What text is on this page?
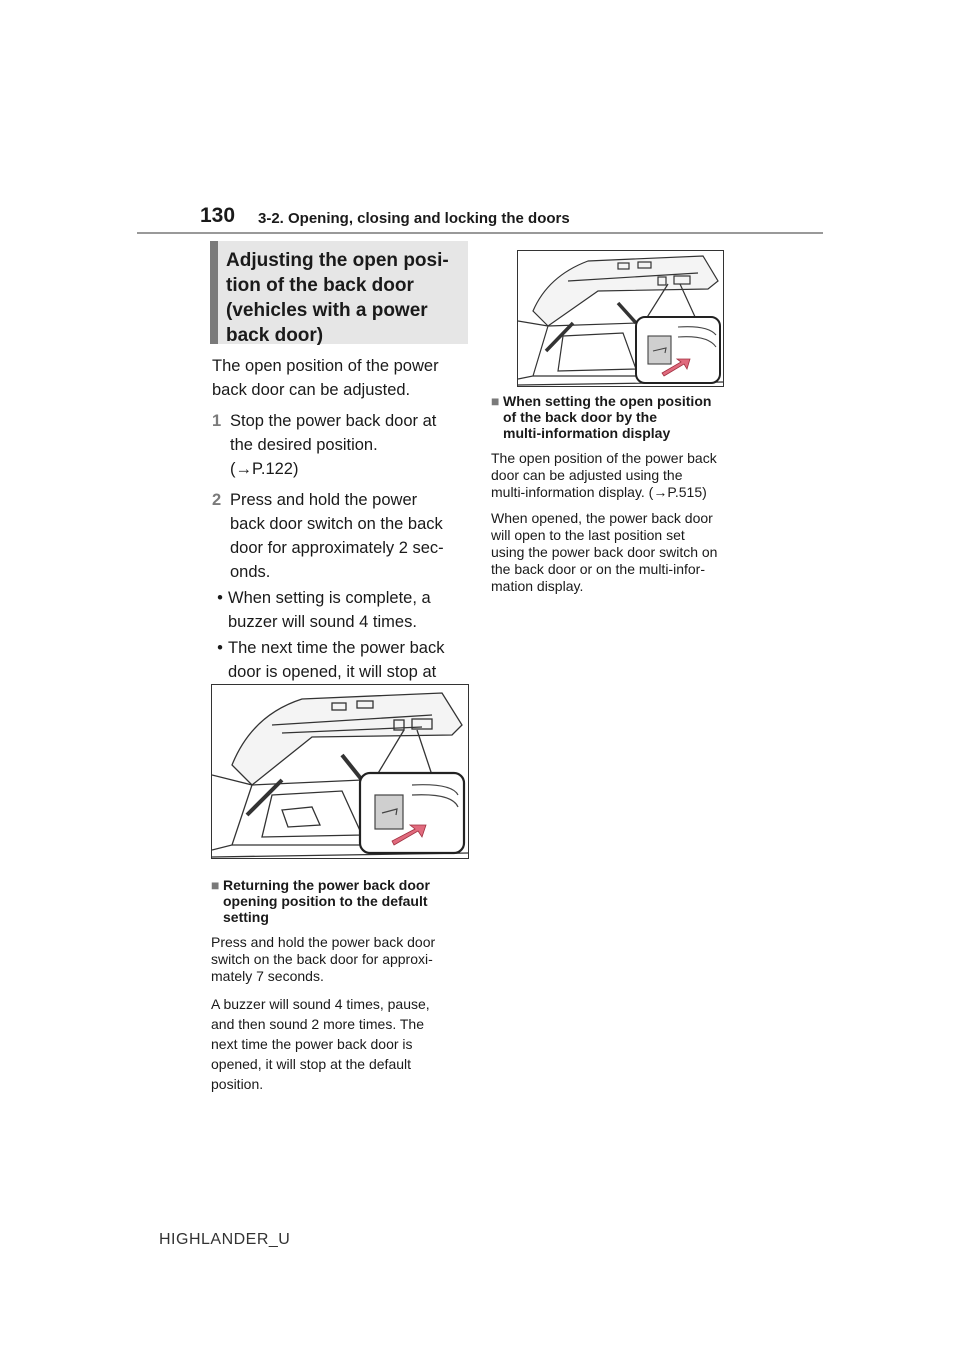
130 3-2. Opening, closing and locking the doors
Adjusting the open posi-
tion of the back door
(vehicles with a power
back door)
The open position of the power back door can be adjusted.
1 Stop the power back door at
the desired position.
(→P.122)
2 Press and hold the power
back door switch on the back
door for approximately 2 sec-
onds.
• When setting is complete, a
buzzer will sound 4 times.
• The next time the power back
door is opened, it will stop at

■ Returning the power back door
opening position to the default
setting
Press and hold the power back door
switch on the back door for approxi-
mately 7 seconds.
A buzzer will sound 4 times, pause,
and then sound 2 more times. The
next time the power back door is
opened, it will stop at the default
position.
■ When setting the open position
of the back door by the
multi-information display
The open position of the power back
door can be adjusted using the
multi-information display. (→P.515)
When opened, the power back door
will open to the last position set
using the power back door switch on
the back door or on the multi-infor-
mation display.
HIGHLANDER_U
